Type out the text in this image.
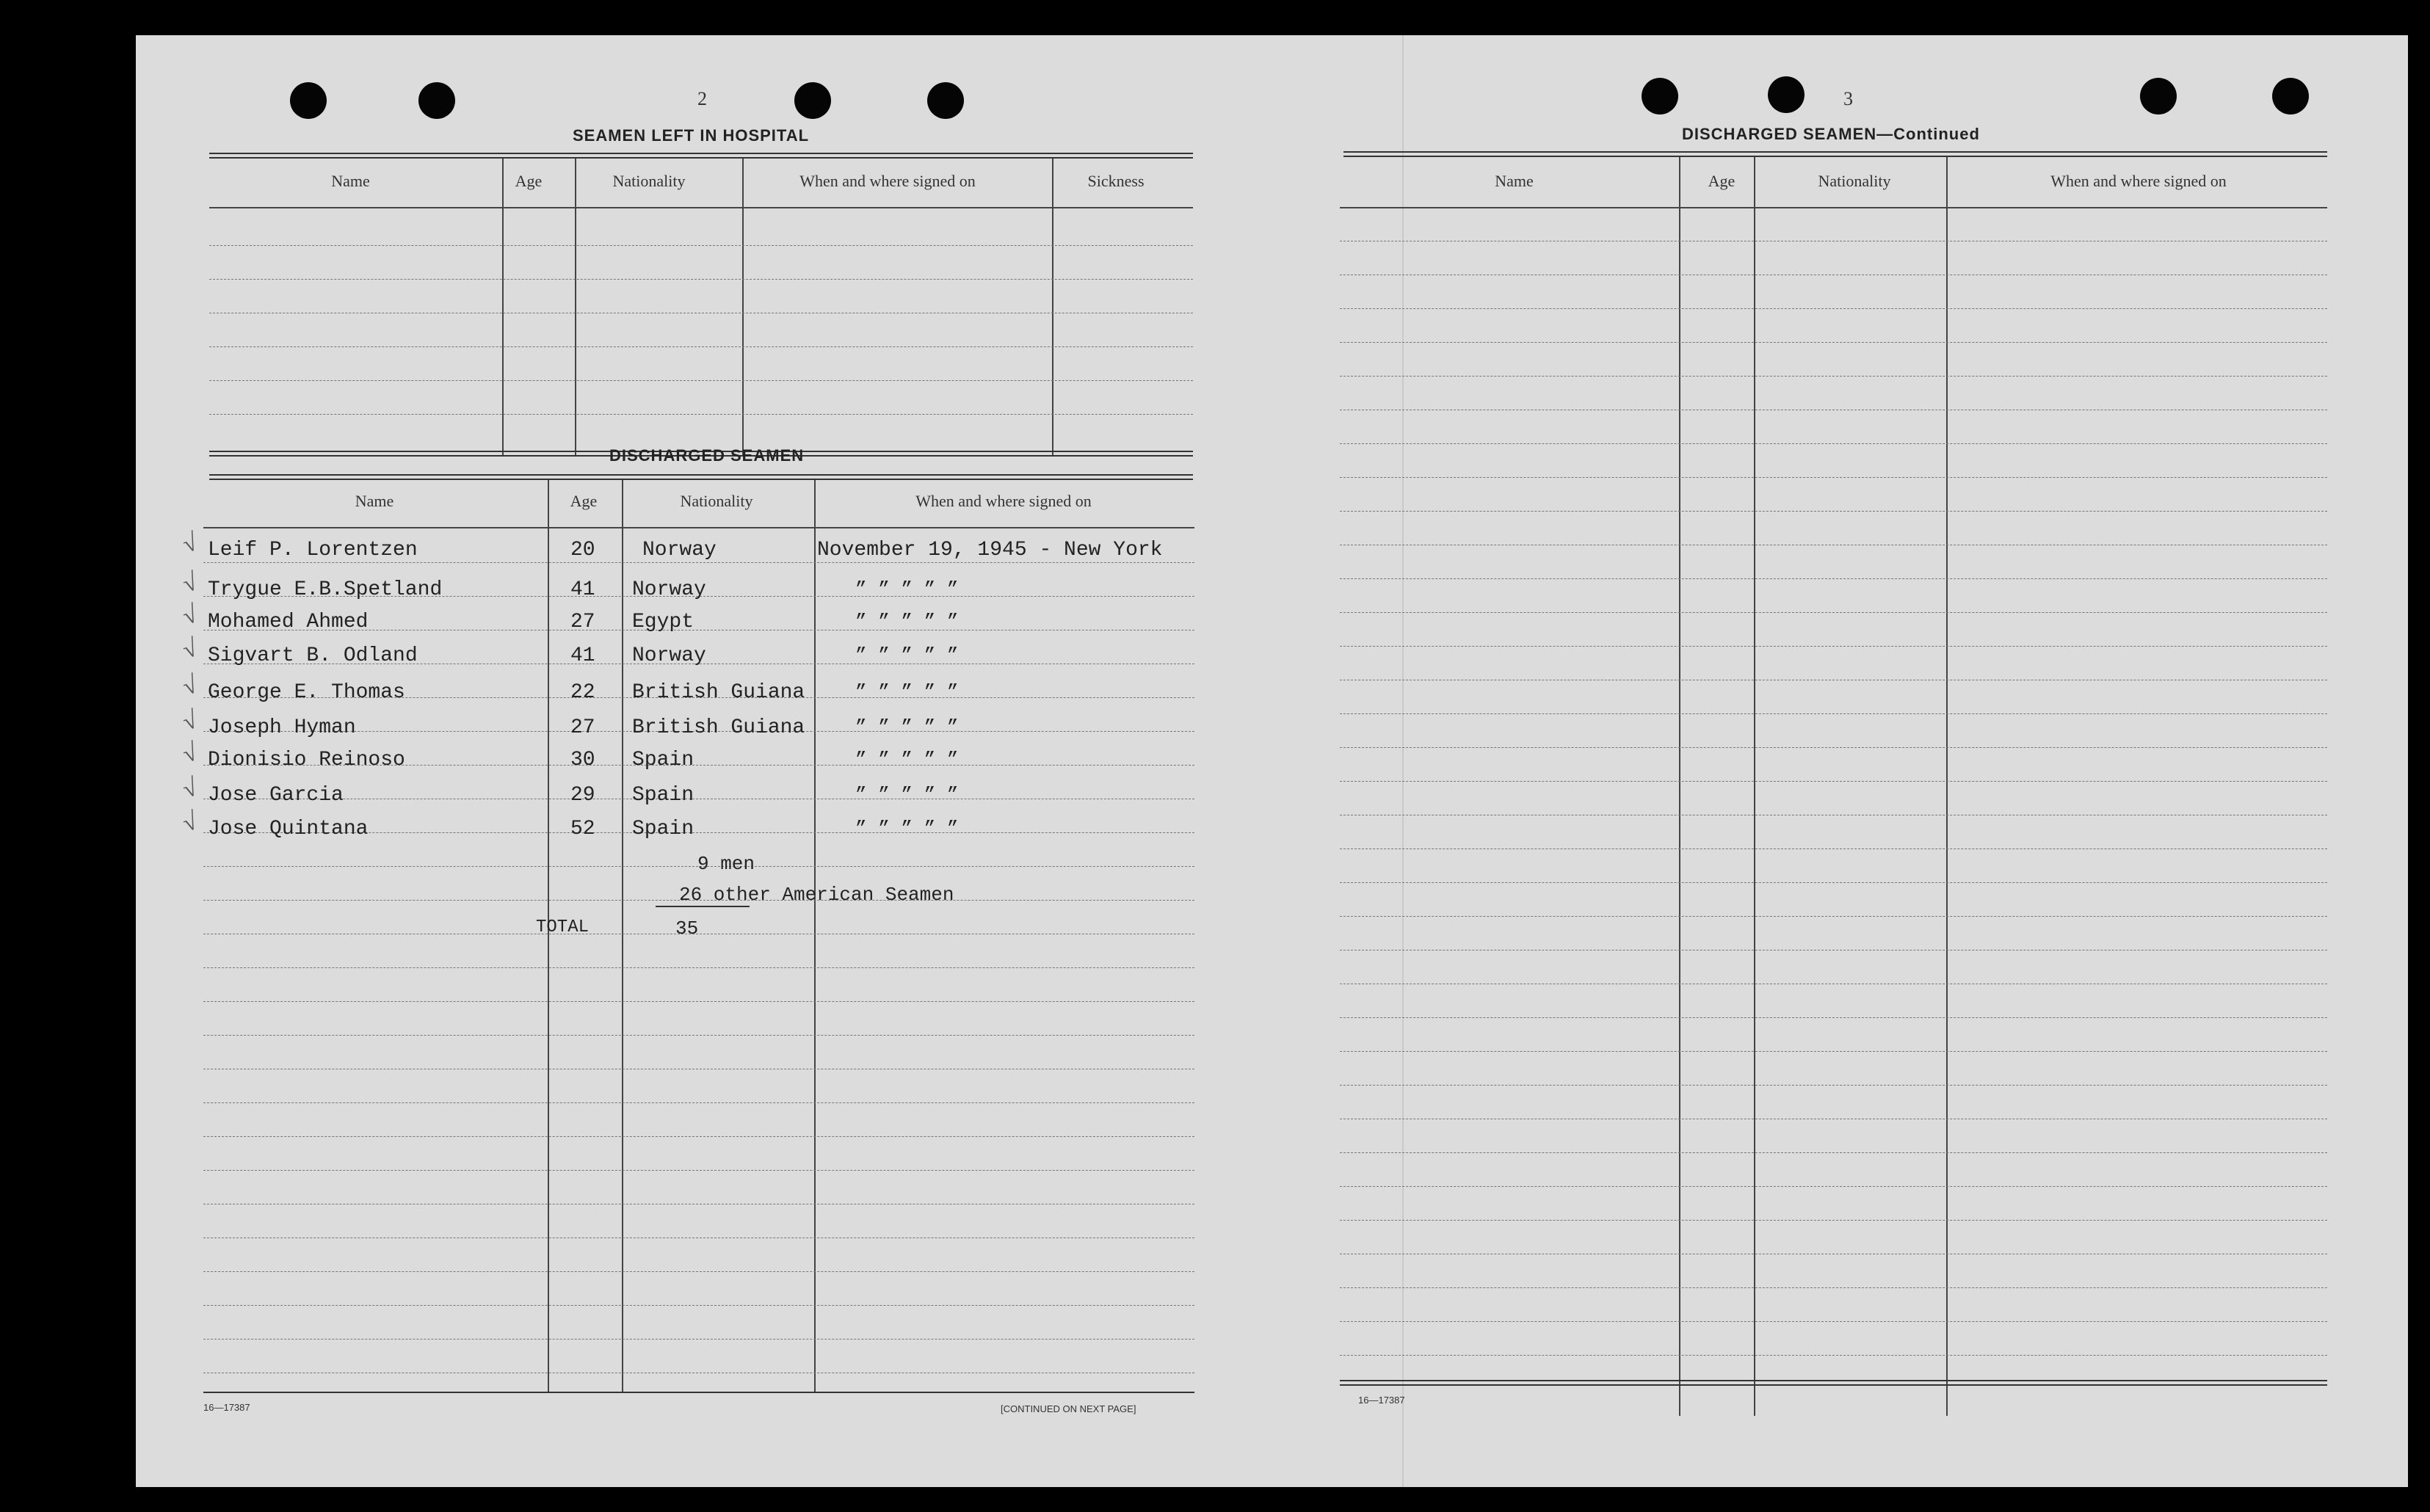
2
SEAMEN LEFT IN HOSPITAL
Name	Age	Nationality	When and where signed on	Sickness
DISCHARGED SEAMEN
Name	Age	Nationality	When and where signed on
√ Leif P. Lorentzen	20 Norway	November 19, 1945 - New York
√ Trygue E.B.Spetland	41 Norway	” ” ” ” ”
√ Mohamed Ahmed	27 Egypt	” ” ” ” ”
√ Sigvart B. Odland	41 Norway	” ” ” ” ”
√ George E. Thomas	22 British Guiana	” ” ” ” ”
√ Joseph Hyman	27 British Guiana	” ” ” ” ”
√ Dionisio Reinoso	30 Spain	” ” ” ” ”
√ Jose Garcia	29 Spain	” ” ” ” ”
√ Jose Quintana	52 Spain	” ” ” ” ”
9 men
26 other American Seamen
TOTAL	35
16—17387	[CONTINUED ON NEXT PAGE]
3
DISCHARGED SEAMEN—Continued
Name	Age	Nationality	When and where signed on
16—17387
